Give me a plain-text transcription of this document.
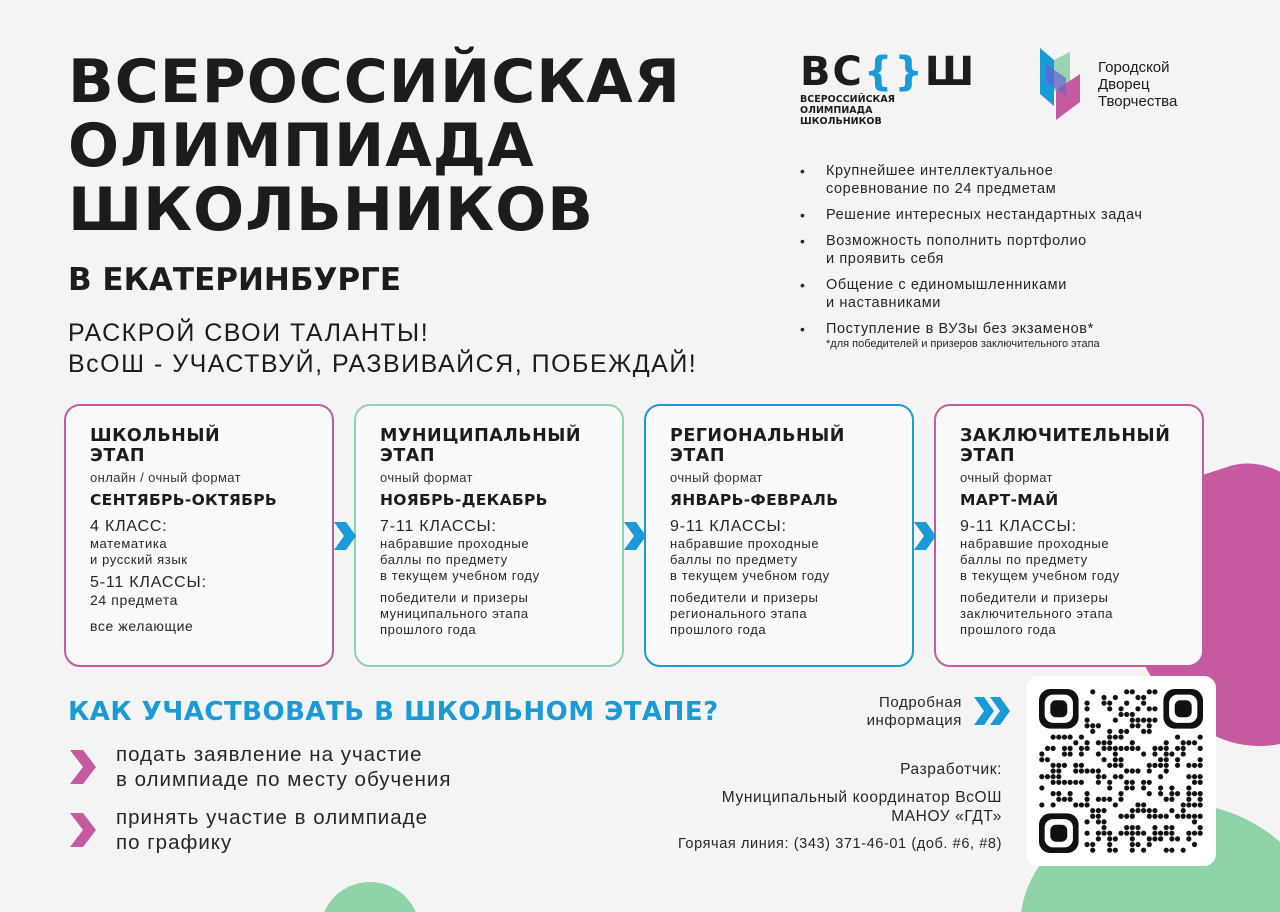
ВСЕРОССИЙСКАЯ
ОЛИМПИАДА
ШКОЛЬНИКОВ
В ЕКАТЕРИНБУРГЕ
РАСКРОЙ СВОИ ТАЛАНТЫ!
ВсОШ - УЧАСТВУЙ, РАЗВИВАЙСЯ, ПОБЕЖДАЙ!
ВС{}Ш
ВСЕРОССИЙСКАЯ
ОЛИМПИАДА
ШКОЛЬНИКОВ
Городской
Дворец
Творчества
•	Крупнейшее интеллектуальное
соревнование по 24 предметам
•	Решение интересных нестандартных задач
•	Возможность пополнить портфолио
и проявить себя
•	Общение с единомышленниками
и наставниками
•	Поступление в ВУЗы без экзаменов*
*для победителей и призеров заключительного этапа
ШКОЛЬНЫЙ
ЭТАП
онлайн / очный формат
СЕНТЯБРЬ-ОКТЯБРЬ
4 КЛАСС:
математика
и русский язык
5-11 КЛАССЫ:
24 предмета
все желающие
МУНИЦИПАЛЬНЫЙ
ЭТАП
очный формат
НОЯБРЬ-ДЕКАБРЬ
7-11 КЛАССЫ:
набравшие проходные
баллы по предмету
в текущем учебном году
победители и призеры
муниципального этапа
прошлого года
РЕГИОНАЛЬНЫЙ
ЭТАП
очный формат
ЯНВАРЬ-ФЕВРАЛЬ
9-11 КЛАССЫ:
набравшие проходные
баллы по предмету
в текущем учебном году
победители и призеры
регионального этапа
прошлого года
ЗАКЛЮЧИТЕЛЬНЫЙ
ЭТАП
очный формат
МАРТ-МАЙ
9-11 КЛАССЫ:
набравшие проходные
баллы по предмету
в текущем учебном году
победители и призеры
заключительного этапа
прошлого года
КАК УЧАСТВОВАТЬ В ШКОЛЬНОМ ЭТАПЕ?
подать заявление на участие
в олимпиаде по месту обучения
принять участие в олимпиаде
по графику
Подробная
информация
Разработчик:
Муниципальный координатор ВсОШ
МАНОУ «ГДТ»
Горячая линия: (343) 371-46-01 (доб. #6, #8)
